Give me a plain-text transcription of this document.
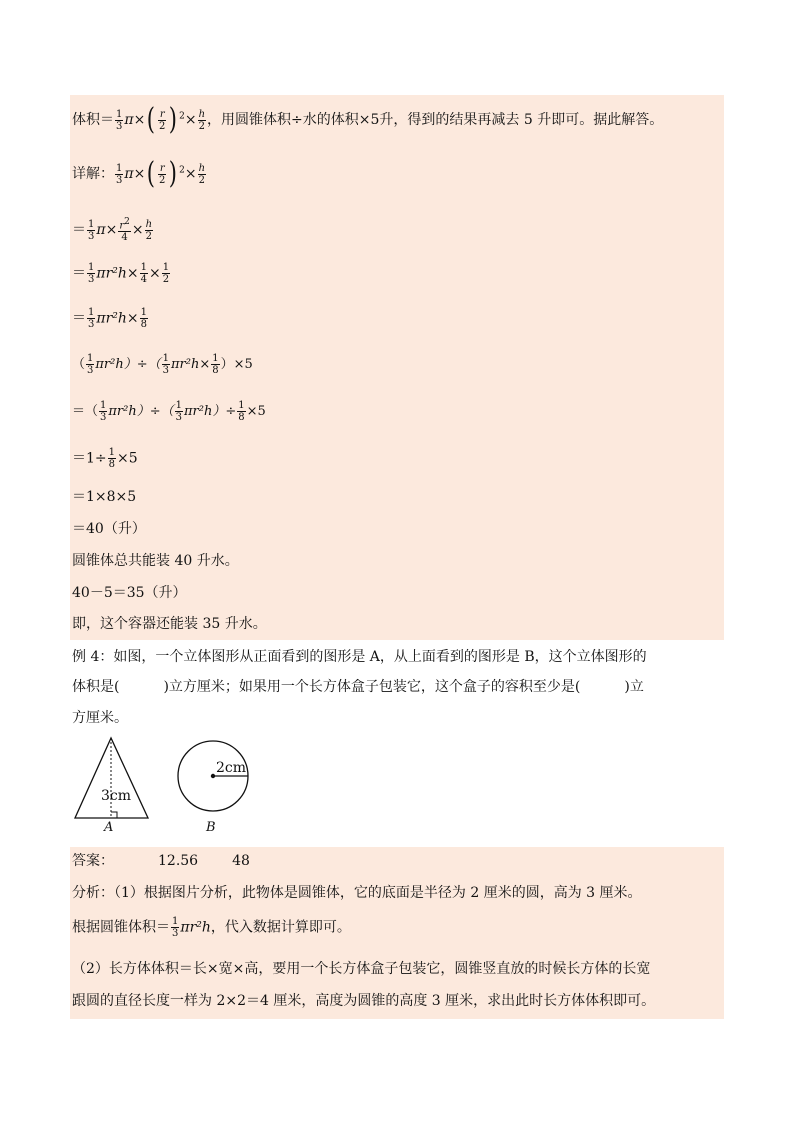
体积＝ $\frac{1}{3} \pi\times( \frac{r}{2}$ ) $^2\times \frac{h}{2}$ ，用圆锥体积÷水的体积×5升，得到的结果再减去 5 升即可。据此解答。
详解： $\frac{1}{3} \pi\times( \frac{r}{2}$ ) $^2\times \frac{h}{2}$
＝ $\frac{1}{3} \pi\times \frac{r^2}{4} \times \frac{h}{2}$
＝ $\frac{1}{3} \pi r^2h\times \frac{1}{4} \times \frac{1}{2}$
＝ $\frac{1}{3} \pi r^2h\times \frac{1}{8}$
（ $\frac{1}{3} \pi r^2h)\div( \frac{1}{3} \pi r^2h\times \frac{1}{8} )\times 5$
＝（ $\frac{1}{3} \pi r^2h)\div( \frac{1}{3} \pi r^2h)\div \frac{1}{8} \times 5$
$=1\div \frac{1}{8} \times 5$
＝1×8×5
＝40（升）
圆锥体总共能装 40 升水。
40－5＝35（升）
即，这个容器还能装 35 升水。
例 4：如图，一个立体图形从正面看到的图形是 A，从上面看到的图形是 B，这个立体图形的
体积是(	)立方厘米；如果用一个长方体盒子包装它，这个盒子的容积至少是(	)立
方厘米。
3cm
A
2cm
B
答案：	12.56 48
分析：（1）根据图片分析，此物体是圆锥体，它的底面是半径为 2 厘米的圆，高为 3 厘米。
根据圆锥体积＝ $\frac{1}{3} \pi r^2h$，代入数据计算即可。
（2）长方体体积＝长×宽×高，要用一个长方体盒子包装它，圆锥竖直放的时候长方体的长宽
跟圆的直径长度一样为 2×2＝4 厘米，高度为圆锥的高度 3 厘米，求出此时长方体体积即可。
